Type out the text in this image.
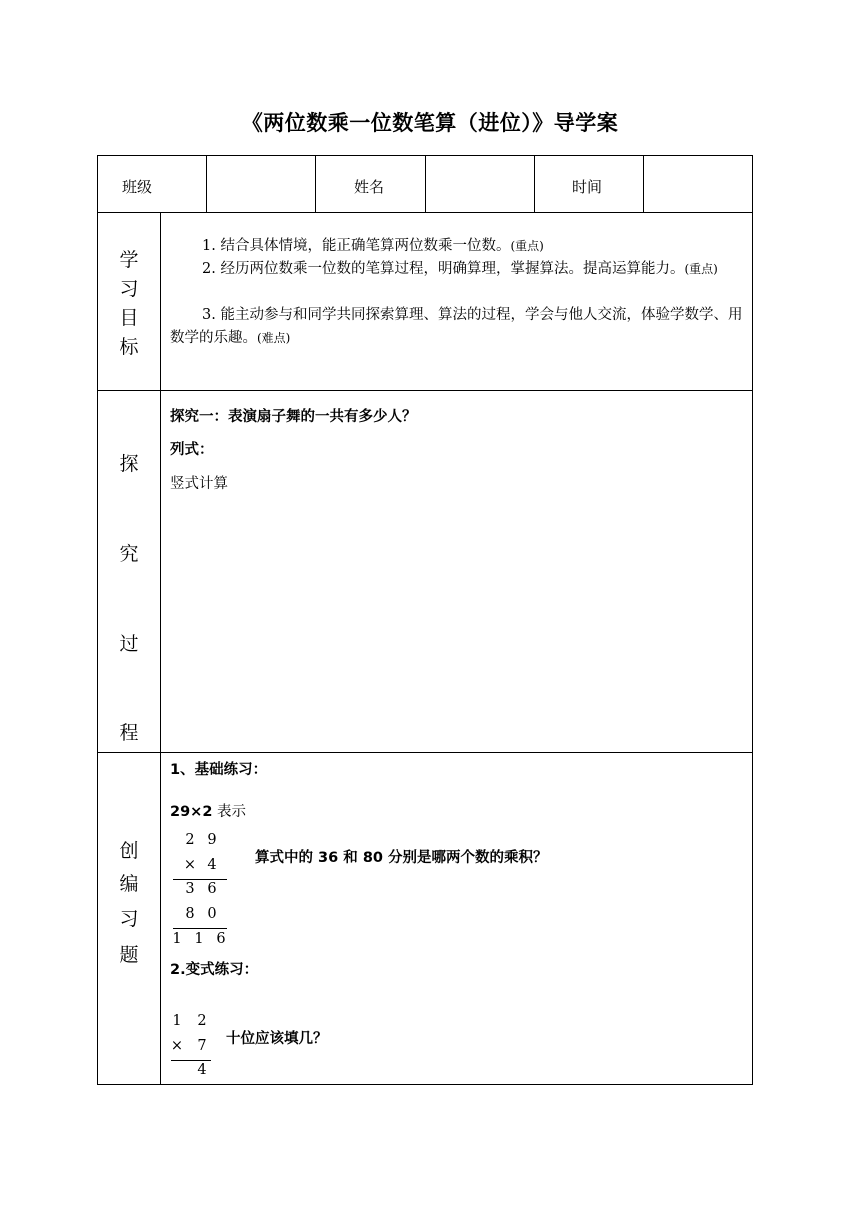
《两位数乘一位数笔算（进位）》导学案
班级	姓名	时间
学
习
目
标
1. 结合具体情境，能正确笔算两位数乘一位数。(重点)
2. 经历两位数乘一位数的笔算过程，明确算理，掌握算法。提高运算能力。(重点)
3. 能主动参与和同学共同探索算理、算法的过程，学会与他人交流，体验学数学、用数学的乐趣。(难点)
探
究
过
程
探究一：表演扇子舞的一共有多少人？
列式：
竖式计算
创
编
习
题
1、基础练习：
29×2 表示
2 9
× 4
3 6
8 0
1 1 6
算式中的 36 和 80 分别是哪两个数的乘积？
2.变式练习：
1 2
× 7
4
十位应该填几？
